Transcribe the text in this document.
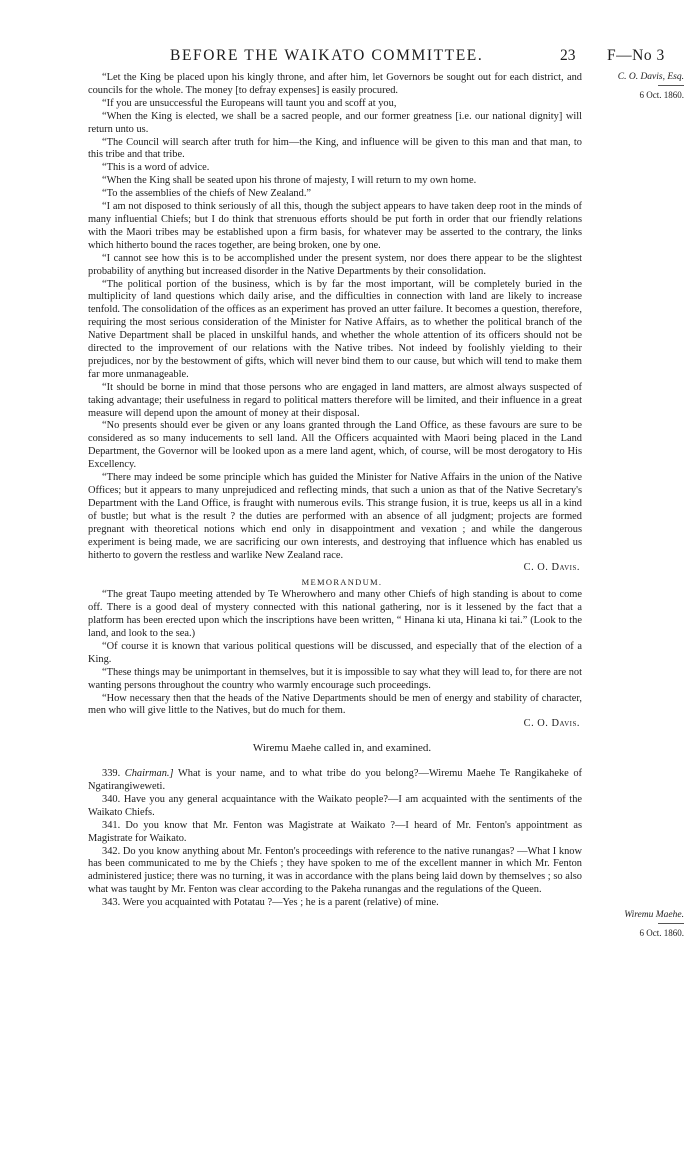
BEFORE THE WAIKATO COMMITTEE.	23 F—No 3
C. O. Davis, Esq.
6 Oct. 1860.
Wiremu Maehe.
6 Oct. 1860.

“Let the King be placed upon his kingly throne, and after him, let Governors be sought out for each district, and councils for the whole. The money [to defray expenses] is easily procured.

“If you are unsuccessful the Europeans will taunt you and scoff at you,

“When the King is elected, we shall be a sacred people, and our former greatness [i.e. our national dignity] will return unto us.

“The Council will search after truth for him—the King, and influence will be given to this man and that man, to this tribe and that tribe.

“This is a word of advice.

“When the King shall be seated upon his throne of majesty, I will return to my own home.

“To the assemblies of the chiefs of New Zealand.”

“I am not disposed to think seriously of all this, though the subject appears to have taken deep root in the minds of many influential Chiefs; but I do think that strenuous efforts should be put forth in order that our friendly relations with the Maori tribes may be established upon a firm basis, for whatever may be asserted to the contrary, the links which hitherto bound the races together, are being broken, one by one.

“I cannot see how this is to be accomplished under the present system, nor does there appear to be the slightest probability of anything but increased disorder in the Native Departments by their consolidation.

“The political portion of the business, which is by far the most important, will be completely buried in the multiplicity of land questions which daily arise, and the difficulties in connection with land are likely to increase tenfold. The consolidation of the offices as an experiment has proved an utter failure. It becomes a question, therefore, requiring the most serious consideration of the Minister for Native Affairs, as to whether the political branch of the Native Department shall be placed in unskilful hands, and whether the whole attention of its officers should not be directed to the improvement of our relations with the Native tribes. Not indeed by foolishly yielding to their prejudices, nor by the bestowment of gifts, which will never bind them to our cause, but which will tend to make them far more unmanageable.

“It should be borne in mind that those persons who are engaged in land matters, are almost always suspected of taking advantage; their usefulness in regard to political matters therefore will be limited, and their influence in a great measure will depend upon the amount of money at their disposal.

“No presents should ever be given or any loans granted through the Land Office, as these favours are sure to be considered as so many inducements to sell land. All the Officers acquainted with Maori being placed in the Land Department, the Governor will be looked upon as a mere land agent, which, of course, will be most derogatory to His Excellency.

“There may indeed be some principle which has guided the Minister for Native Affairs in the union of the Native Offices; but it appears to many unprejudiced and reflecting minds, that such a union as that of the Native Secretary's Department with the Land Office, is fraught with numerous evils. This strange fusion, it is true, keeps us all in a kind of bustle; but what is the result ? the duties are performed with an absence of all judgment; projects are formed pregnant with theoretical notions which end only in disappointment and vexation ; and while the dangerous experiment is being made, we are sacrificing our own interests, and destroying that influence which has enabled us hitherto to govern the restless and warlike New Zealand race.

C. O. Davis.

MEMORANDUM.

“The great Taupo meeting attended by Te Wherowhero and many other Chiefs of high standing is about to come off. There is a good deal of mystery connected with this national gathering, nor is it lessened by the fact that a platform has been erected upon which the inscriptions have been written, “ Hinana ki uta, Hinana ki tai.” (Look to the land, and look to the sea.)

“Of course it is known that various political questions will be discussed, and especially that of the election of a King.

“These things may be unimportant in themselves, but it is impossible to say what they will lead to, for there are not wanting persons throughout the country who warmly encourage such proceedings.

“How necessary then that the heads of the Native Departments should be men of energy and stability of character, men who will give little to the Natives, but do much for them.

C. O. Davis.

Wiremu Maehe called in, and examined.

339. Chairman.] What is your name, and to what tribe do you belong?—Wiremu Maehe Te Rangikaheke of Ngatirangiweweti.

340. Have you any general acquaintance with the Waikato people?—I am acquainted with the sentiments of the Waikato Chiefs.

341. Do you know that Mr. Fenton was Magistrate at Waikato ?—I heard of Mr. Fenton's appointment as Magistrate for Waikato.

342. Do you know anything about Mr. Fenton's proceedings with reference to the native runangas? —What I know has been communicated to me by the Chiefs ; they have spoken to me of the excellent manner in which Mr. Fenton administered justice; there was no turning, it was in accordance with the plans being laid down by themselves ; so also what was taught by Mr. Fenton was clear according to the Pakeha runangas and the regulations of the Queen.

343. Were you acquainted with Potatau ?—Yes ; he is a parent (relative) of mine.
